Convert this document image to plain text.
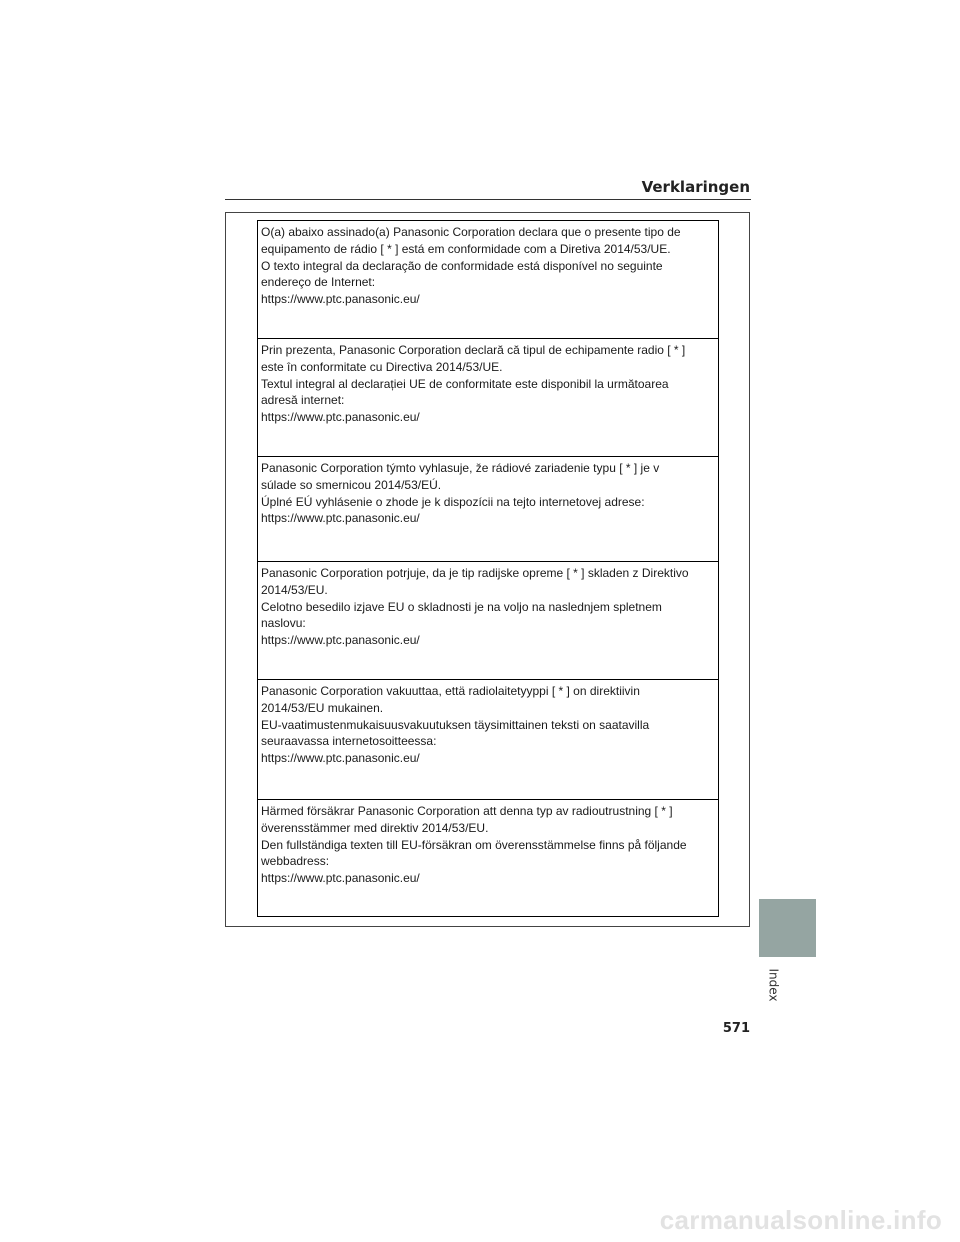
Verklaringen

O(a) abaixo assinado(a) Panasonic Corporation declara que o presente tipo de

equipamento de rádio [ * ] está em conformidade com a Diretiva 2014/53/UE.

O texto integral da declaração de conformidade está disponível no seguinte

endereço de Internet:

https://www.ptc.panasonic.eu/

Prin prezenta, Panasonic Corporation declară că tipul de echipamente radio [ * ]

este în conformitate cu Directiva 2014/53/UE.

Textul integral al declarației UE de conformitate este disponibil la următoarea

adresă internet:

https://www.ptc.panasonic.eu/

Panasonic Corporation týmto vyhlasuje, že rádiové zariadenie typu [ * ] je v

súlade so smernicou 2014/53/EÚ.

Úplné EÚ vyhlásenie o zhode je k dispozícii na tejto internetovej adrese:

https://www.ptc.panasonic.eu/

Panasonic Corporation potrjuje, da je tip radijske opreme [ * ] skladen z Direktivo

2014/53/EU.

Celotno besedilo izjave EU o skladnosti je na voljo na naslednjem spletnem

naslovu:

https://www.ptc.panasonic.eu/

Panasonic Corporation vakuuttaa, että radiolaitetyyppi [ * ] on direktiivin

2014/53/EU mukainen.

EU-vaatimustenmukaisuusvakuutuksen täysimittainen teksti on saatavilla

seuraavassa internetosoitteessa:

https://www.ptc.panasonic.eu/

Härmed försäkrar Panasonic Corporation att denna typ av radioutrustning [ * ]

överensstämmer med direktiv 2014/53/EU.

Den fullständiga texten till EU-försäkran om överensstämmelse finns på följande

webbadress:

https://www.ptc.panasonic.eu/

Index
571
carmanualsonline.info
